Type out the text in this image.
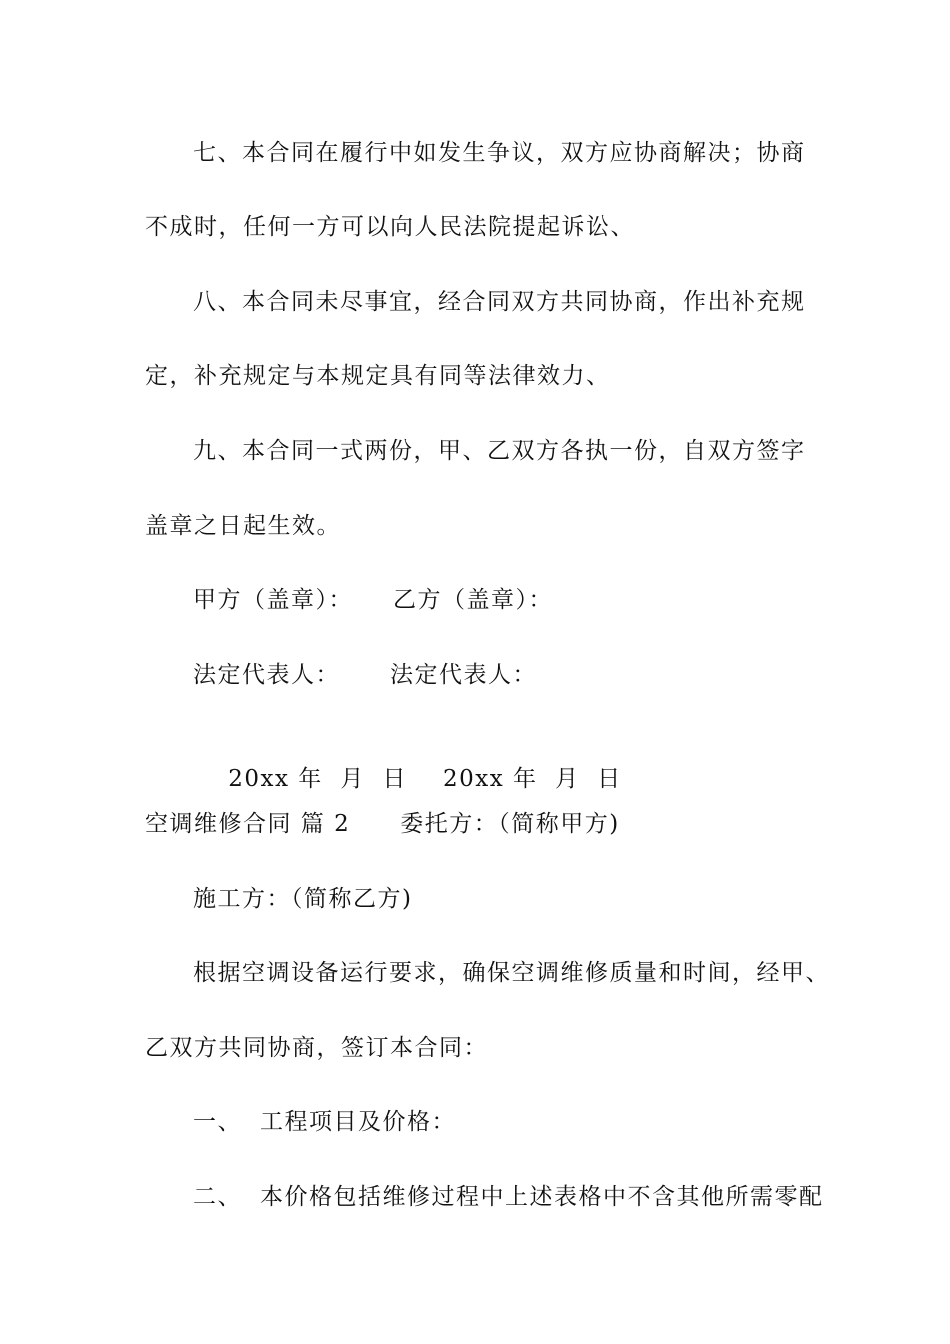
七、本合同在履行中如发生争议，双方应协商解决；协商
不成时，任何一方可以向人民法院提起诉讼、
八、本合同未尽事宜，经合同双方共同协商，作出补充规
定，补充规定与本规定具有同等法律效力、
九、本合同一式两份，甲、乙双方各执一份，自双方签字
盖章之日起生效。
甲方（盖章）： 乙方（盖章）：
法定代表人： 法定代表人：

20xx 年  月  日 20xx 年  月  日

空调维修合同 篇 2 委托方：（简称甲方)
施工方：（简称乙方)
根据空调设备运行要求，确保空调维修质量和时间，经甲、
乙双方共同协商，签订本合同：
一、 工程项目及价格：
二、 本价格包括维修过程中上述表格中不含其他所需零配
